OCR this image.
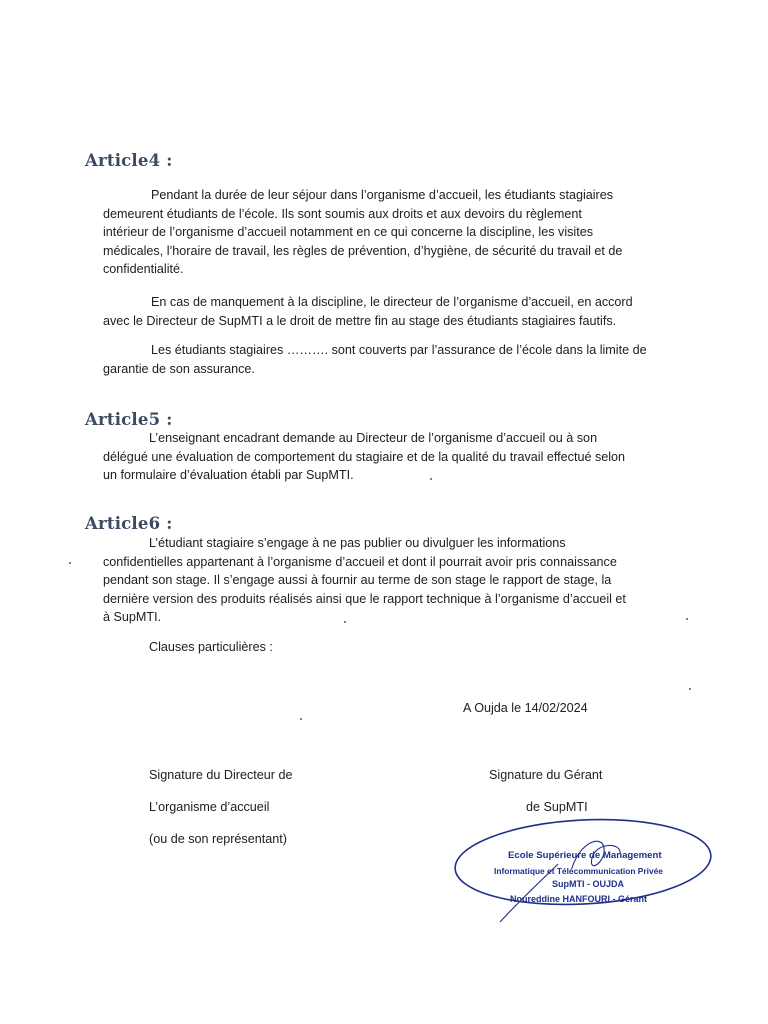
Article4 :

Pendant la durée de leur séjour dans l’organisme d’accueil, les étudiants stagiaires

demeurent étudiants de l’école. Ils sont soumis aux droits et aux devoirs du règlement

intérieur de l’organisme d’accueil notamment en ce qui concerne la discipline, les visites

médicales, l’horaire de travail, les règles de prévention, d’hygiène, de sécurité du travail et de

confidentialité.

En cas de manquement à la discipline, le directeur de l’organisme d’accueil, en accord

avec le Directeur de SupMTI a le droit de mettre fin au stage des étudiants stagiaires fautifs.

Les étudiants stagiaires ………. sont couverts par l’assurance de l’école dans la limite de

garantie de son assurance.

Article5 :

L’enseignant encadrant demande au Directeur de l’organisme d’accueil ou à son

délégué une évaluation de comportement du stagiaire et de la qualité du travail effectué selon

un formulaire d’évaluation établi par SupMTI.

Article6 :

L’étudiant stagiaire s’engage à ne pas publier ou divulguer les informations

confidentielles appartenant à l’organisme d’accueil et dont il pourrait avoir pris connaissance

pendant son stage. Il s’engage aussi à fournir au terme de son stage le rapport de stage, la

dernière version des produits réalisés ainsi que le rapport technique à l’organisme d’accueil et

à SupMTI.

Clauses particulières :
A Oujda le 14/02/2024
Signature du Directeur de
L’organisme d’accueil
(ou de son représentant)
Signature du Gérant
de SupMTI
Ecole Supérieure de Management
Informatique et Télécommunication Privée
SupMTI - OUJDA
Noureddine HANFOURI - Gérant
